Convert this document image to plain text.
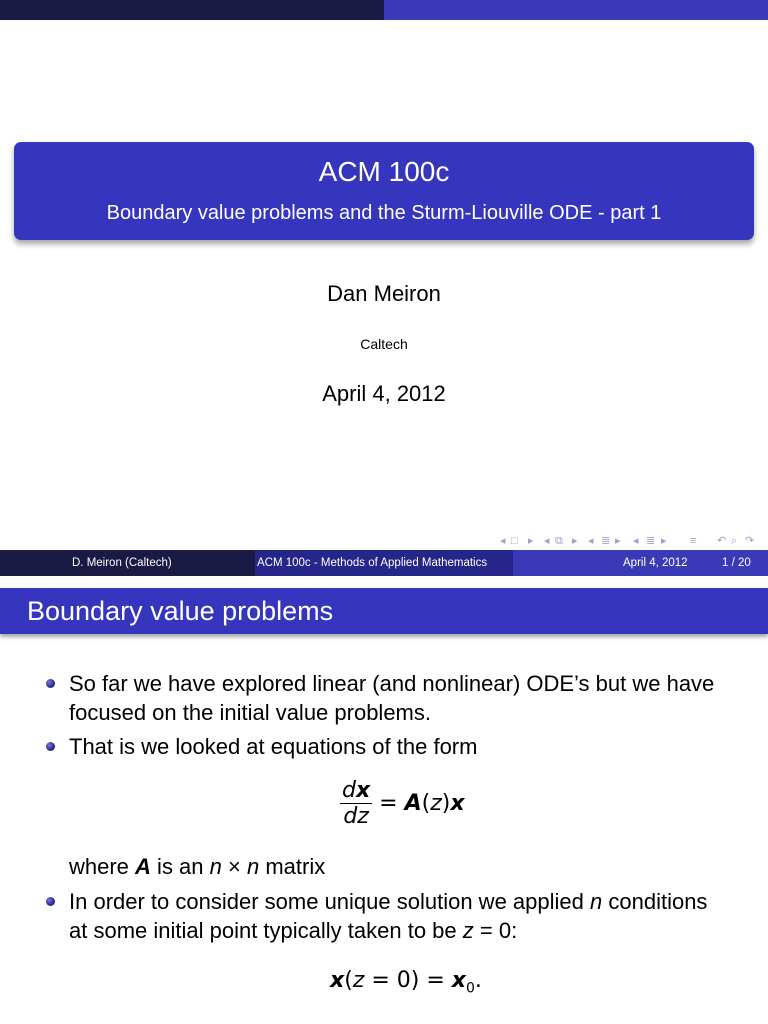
ACM 100c
Boundary value problems and the Sturm-Liouville ODE - part 1
Dan Meiron
Caltech
April 4, 2012
◂ □ ▸ ◂ ⧉ ▸ ◂ ≣ ▸ ◂ ≣ ▸ ≡ ↶ ⌕ ↷
D. Meiron (Caltech)	ACM 100c - Methods of Applied Mathematics	April 4, 2012	1 / 20
Boundary value problems
So far we have explored linear (and nonlinear) ODE’s but we have
focused on the initial value problems.
That is we looked at equations of the form
$\frac{dx}{dz} = A(z)x$
where A is an n × n matrix
In order to consider some unique solution we applied n conditions
at some initial point typically taken to be z = 0:
$x(z = 0) = x_0$.
